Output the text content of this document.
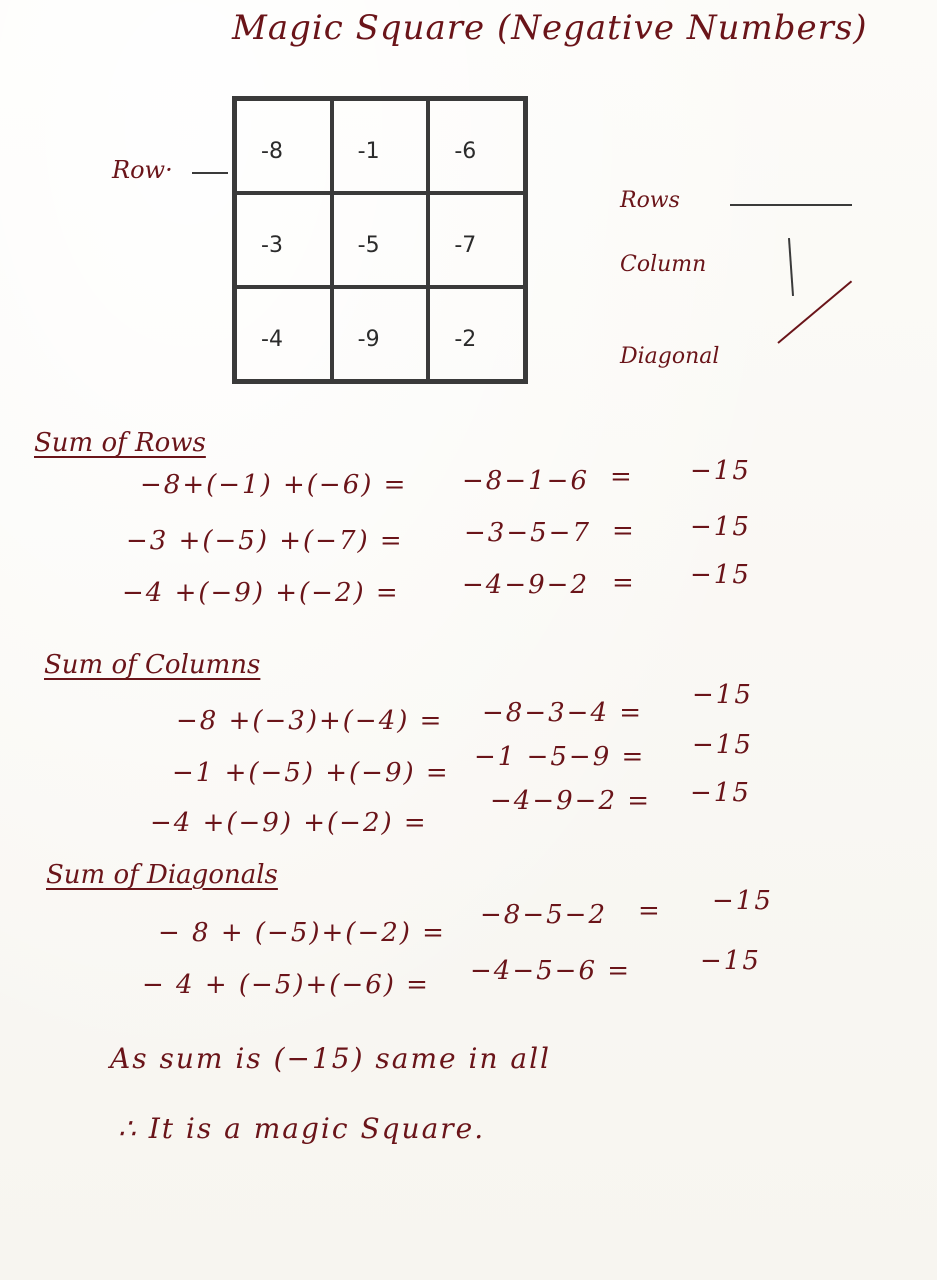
Magic Square (Negative Numbers)
-8	-1	-6
-3	-5	-7
-4	-9	-2
Row·
Rows
Column
Diagonal
Sum of Rows
−8+(−1) +(−6) = −8−1−6 = −15
−3 +(−5) +(−7) = −3−5−7 = −15
−4 +(−9) +(−2) = −4−9−2 = −15
Sum of Columns
−8 +(−3)+(−4) = −8−3−4 =
−15
−1 +(−5) +(−9) =
−1 −5−9 = −15
−4 +(−9) +(−2) =
−4−9−2 = −15
Sum of Diagonals
− 8 + (−5)+(−2) =
−8−5−2 = −15
− 4 + (−5)+(−6) = −4−5−6 =	−15
As sum is (−15) same in all
∴ It is a magic Square.
